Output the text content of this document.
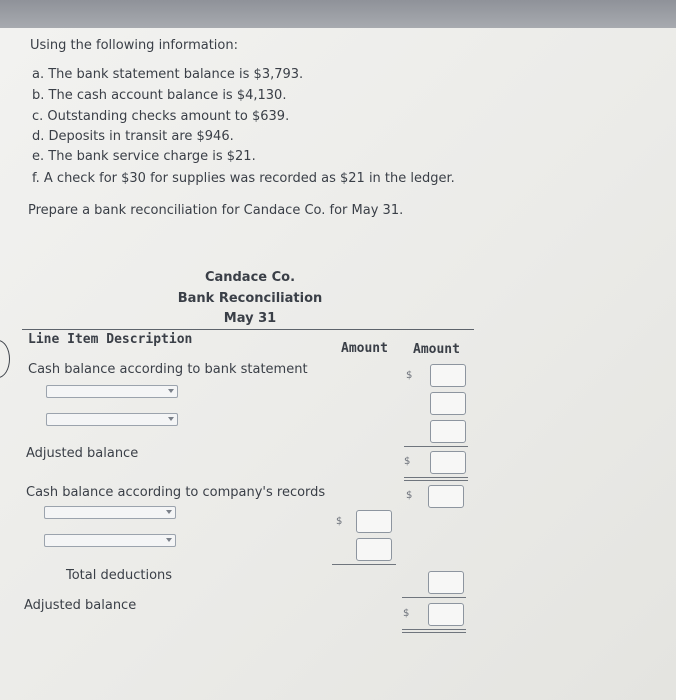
Using the following information:
a. The bank statement balance is $3,793.
b. The cash account balance is $4,130.
c. Outstanding checks amount to $639.
d. Deposits in transit are $946.
e. The bank service charge is $21.
f. A check for $30 for supplies was recorded as $21 in the ledger.
Prepare a bank reconciliation for Candace Co. for May 31.
Candace Co.
Bank Reconciliation
May 31
Line Item Description
Amount Amount
Cash balance according to bank statement	$
Adjusted balance
$
Cash balance according to company's records	$
$
Total deductions
Adjusted balance
$
